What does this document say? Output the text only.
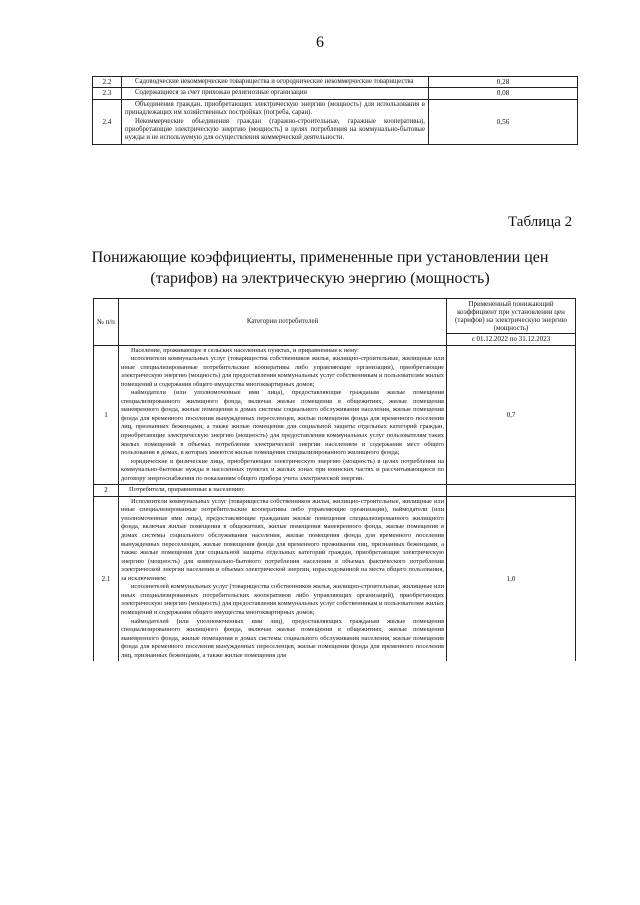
6
2.2	Садоводческие некоммерческие товарищества и огороднические некоммерческие товарищества	0,28
2.3	Содержащиеся за счет прихожан религиозные организации	0,08
2.4	Объединения граждан, приобретающих электрическую энергию (мощность) для использования в принадлежащих им хозяйственных постройках (погреба, сараи).

Некоммерческие объединения граждан (гаражно-строительные, гаражные кооперативы), приобретающие электрическую энергию (мощность) в целях потребления на коммунально-бытовые нужды и не используемую для осуществления коммерческой деятельности.	0,56
Таблица 2
Понижающие коэффициенты, примененные при установлении цен (тарифов) на электрическую энергию (мощность)
№ п/п	Категории потребителей	Примененный понижающий коэффициент при установлении цен (тарифов) на электрическую энергию (мощность)
		с 01.12.2022 по 31.12.2023
1	Население, проживающее в сельских населенных пунктах, и приравненные к нему:

исполнители коммунальных услуг (товарищества собственников жилья, жилищно-строительные, жилищные или иные специализированные потребительские кооперативы либо управляющие организации), приобретающие электрическую энергию (мощность) для предоставления коммунальных услуг собственникам и пользователям жилых помещений и содержания общего имущества многоквартирных домов;

наймодатели (или уполномоченные ими лица), предоставляющие гражданам жилые помещения специализированного жилищного фонда, включая жилые помещения в общежитиях, жилые помещения маневренного фонда, жилые помещения в домах системы социального обслуживания населения, жилые помещения фонда для временного поселения вынужденных переселенцев, жилые помещения фонда для временного поселения лиц, признанных беженцами, а также жилые помещения для социальной защиты отдельных категорий граждан, приобретающие электрическую энергию (мощность) для предоставления коммунальных услуг пользователям таких жилых помещений в объемах потребления электрической энергии населением и содержания мест общего пользования в домах, в которых имеются жилые помещения специализированного жилищного фонда;

юридические и физические лица, приобретающие электрическую энергию (мощность) в целях потребления на коммунально-бытовые нужды в населенных пунктах и жилых зонах при воинских частях и рассчитывающиеся по договору энергоснабжения по показаниям общего прибора учета электрической энергии.	0,7
2	Потребители, приравненные к населению:	

2.1	Исполнители коммунальных услуг (товарищества собственников жилья, жилищно-строительные, жилищные или иные специализированные потребительские кооперативы либо управляющие организации), наймодатели (или уполномоченные ими лица), предоставляющие гражданам жилые помещения специализированного жилищного фонда, включая жилые помещения в общежитиях, жилые помещения маневренного фонда, жилые помещения в домах системы социального обслуживания населения, жилые помещения фонда для временного поселения вынужденных переселенцев, жилые помещения фонда для временного проживания лиц, признанных беженцами, а также жилые помещения для социальной защиты отдельных категорий граждан, приобретающие электрическую энергию (мощность) для коммунально-бытового потребления населения в объемах фактического потребления электрической энергии населения и объемах электрической энергии, израсходованной на места общего пользования, за исключением:

исполнителей коммунальных услуг (товарищества собственников жилья, жилищно-строительные, жилищные или иных специализированных потребительских кооперативов либо управляющих организаций), приобретающих электрическую энергию (мощность) для предоставления коммунальных услуг собственникам и пользователям жилых помещений и содержания общего имущества многоквартирных домов;

наймодателей (или уполномоченных ими лиц), предоставляющих гражданам жилые помещения специализированного жилищного фонда, включая жилые помещения в общежитиях, жилые помещения маневренного фонда, жилые помещения в домах системы социального обслуживания населения, жилые помещения фонда для временного поселения вынужденных переселенцев, жилые помещения фонда для временного поселения лиц, признанных беженцами, а также жилые помещения для	1,0
